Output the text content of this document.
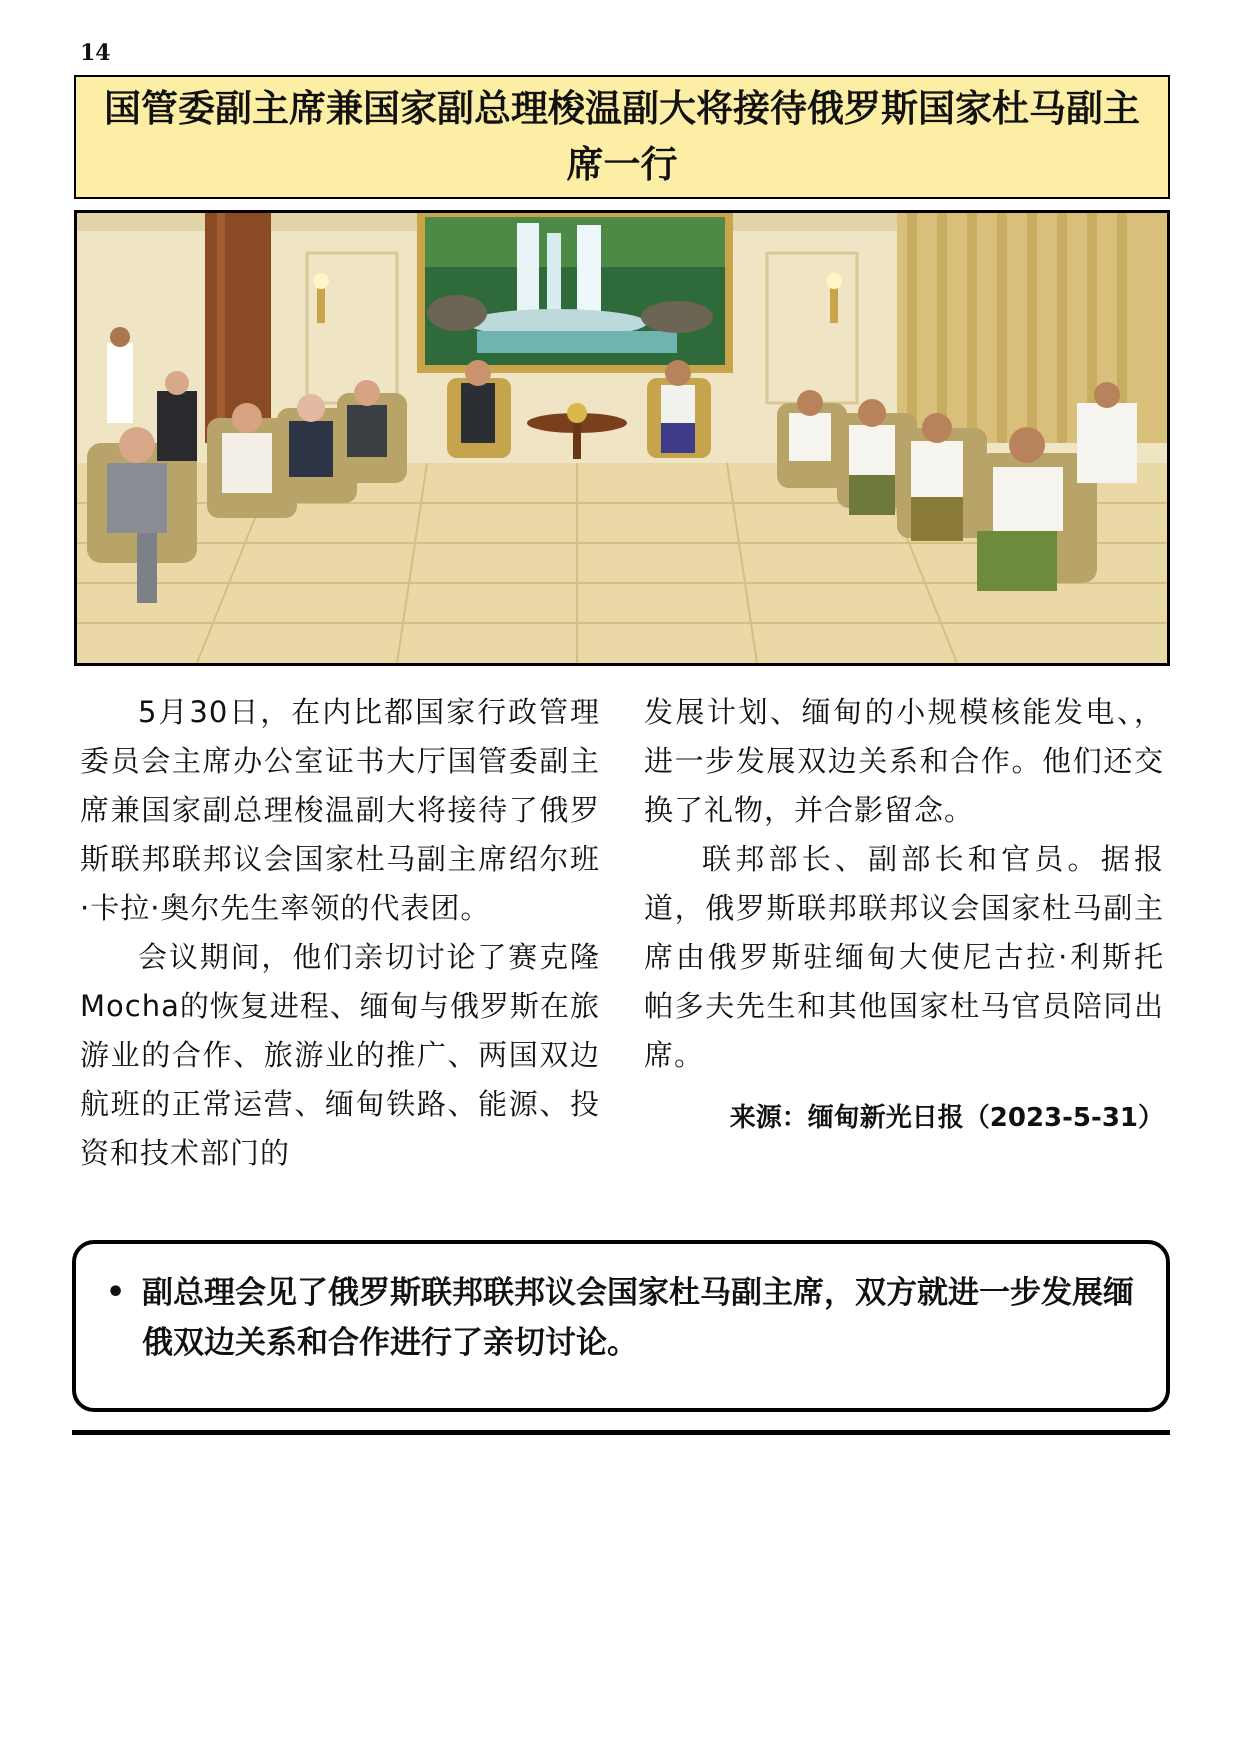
14
国管委副主席兼国家副总理梭温副大将接待俄罗斯国家杜马副主席一行

5月30日，在内比都国家行政管理委员会主席办公室证书大厅国管委副主席兼国家副总理梭温副大将接待了俄罗斯联邦联邦议会国家杜马副主席绍尔班·卡拉·奥尔先生率领的代表团。

会议期间，他们亲切讨论了赛克隆Mocha的恢复进程、缅甸与俄罗斯在旅游业的合作、旅游业的推广、两国双边航班的正常运营、缅甸铁路、能源、投资和技术部门的

发展计划、缅甸的小规模核能发电、，进一步发展双边关系和合作。他们还交换了礼物，并合影留念。

联邦部长、副部长和官员。据报道，俄罗斯联邦联邦议会国家杜马副主席由俄罗斯驻缅甸大使尼古拉·利斯托帕多夫先生和其他国家杜马官员陪同出席。

来源：缅甸新光日报（2023-5-31）

• 副总理会见了俄罗斯联邦联邦议会国家杜马副主席，双方就进一步发展缅俄双边关系和合作进行了亲切讨论。
